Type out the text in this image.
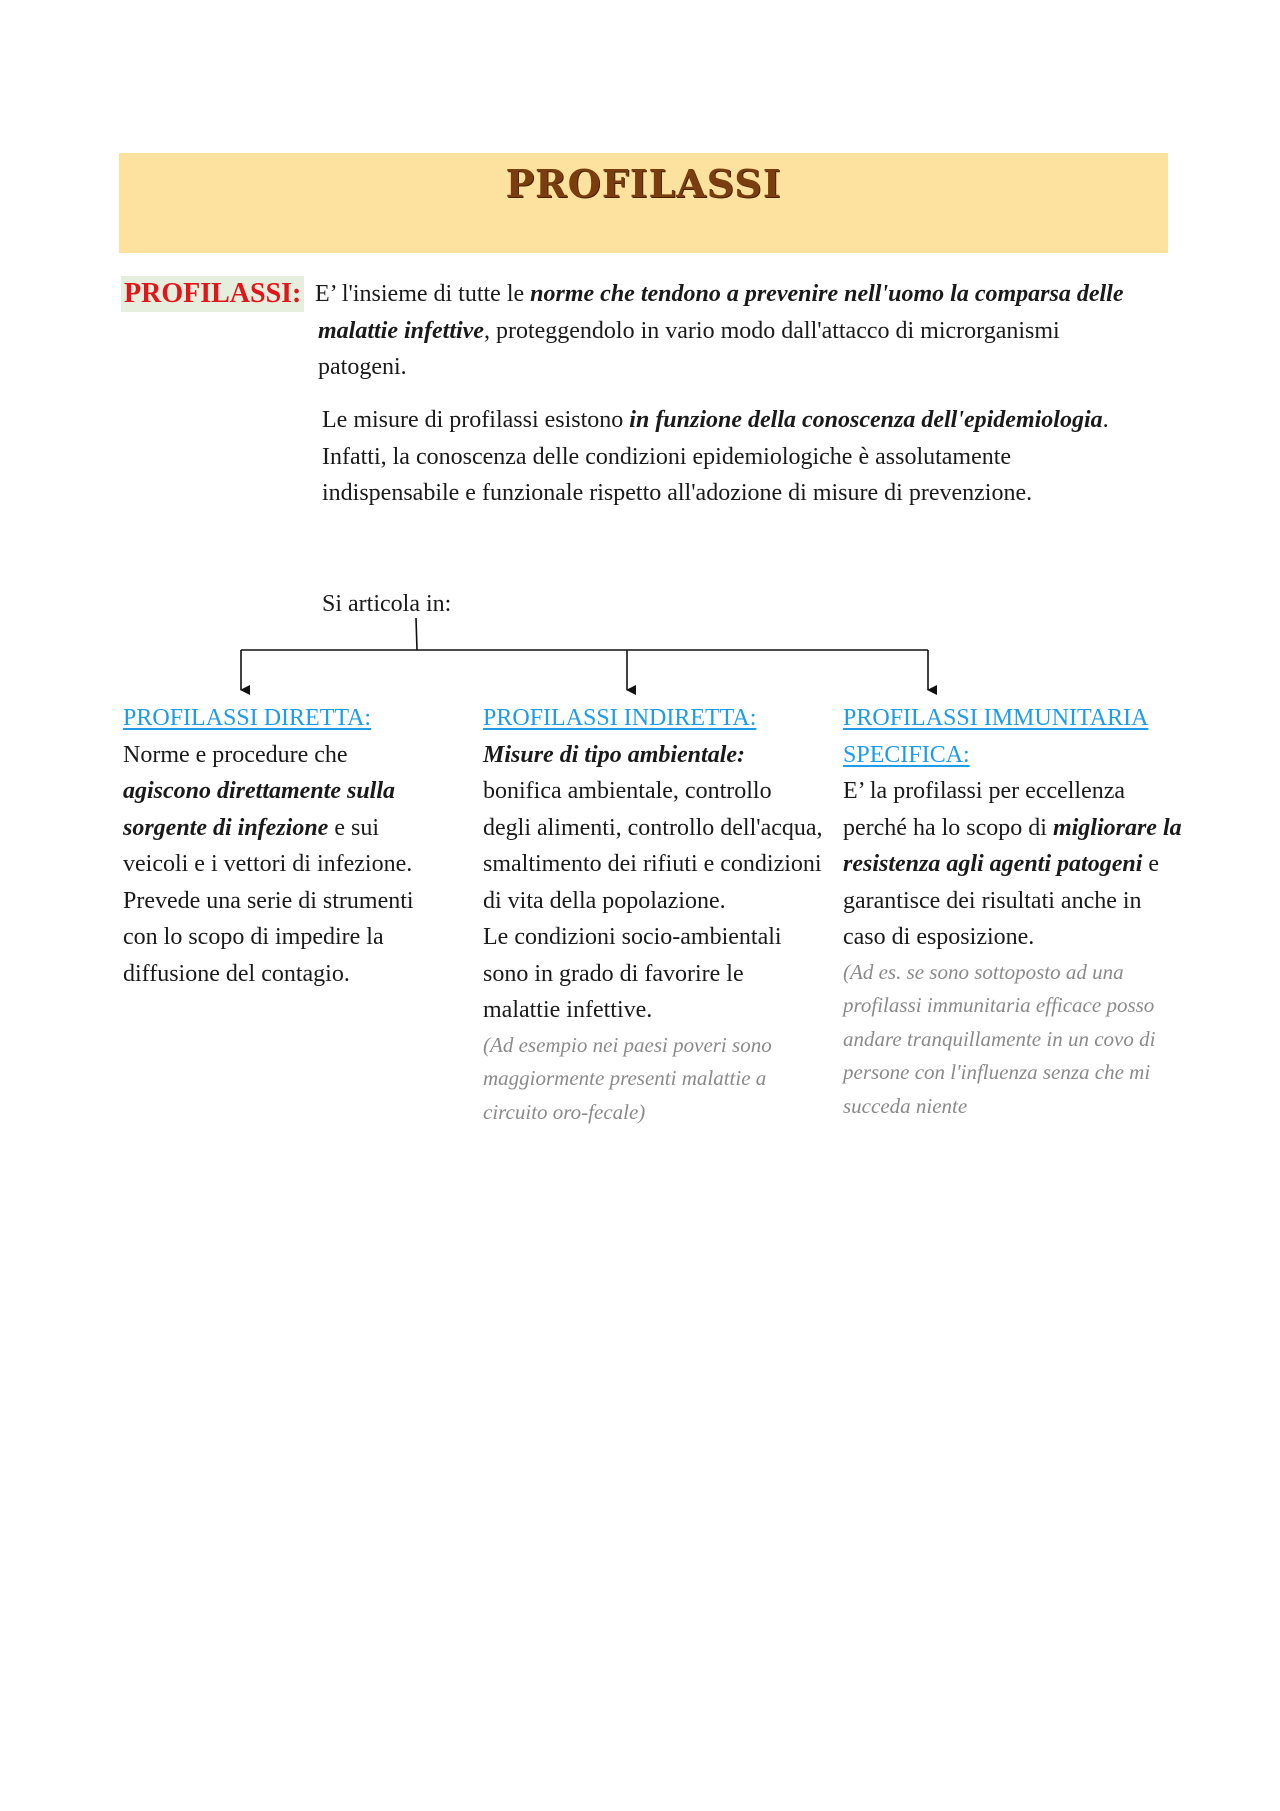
PROFILASSI
PROFILASSI: E’ l'insieme di tutte le norme che tendono a prevenire nell'uomo la comparsa delle malattie infettive, proteggendolo in vario modo dall'attacco di microrganismi patogeni.
Le misure di profilassi esistono in funzione della conoscenza dell'epidemiologia. Infatti, la conoscenza delle condizioni epidemiologiche è assolutamente indispensabile e funzionale rispetto all'adozione di misure di prevenzione.
Si articola in:
PROFILASSI DIRETTA:
Norme e procedure che agiscono direttamente sulla sorgente di infezione e sui veicoli e i vettori di infezione. Prevede una serie di strumenti con lo scopo di impedire la diffusione del contagio.
PROFILASSI INDIRETTA:
Misure di tipo ambientale:
bonifica ambientale, controllo degli alimenti, controllo dell'acqua, smaltimento dei rifiuti e condizioni di vita della popolazione.
Le condizioni socio-ambientali sono in grado di favorire le malattie infettive.
(Ad esempio nei paesi poveri sono maggiormente presenti malattie a circuito oro-fecale)
PROFILASSI IMMUNITARIA SPECIFICA:
E’ la profilassi per eccellenza perché ha lo scopo di migliorare la resistenza agli agenti patogeni e garantisce dei risultati anche in caso di esposizione.
(Ad es. se sono sottoposto ad una profilassi immunitaria efficace posso andare tranquillamente in un covo di persone con l'influenza senza che mi succeda niente
